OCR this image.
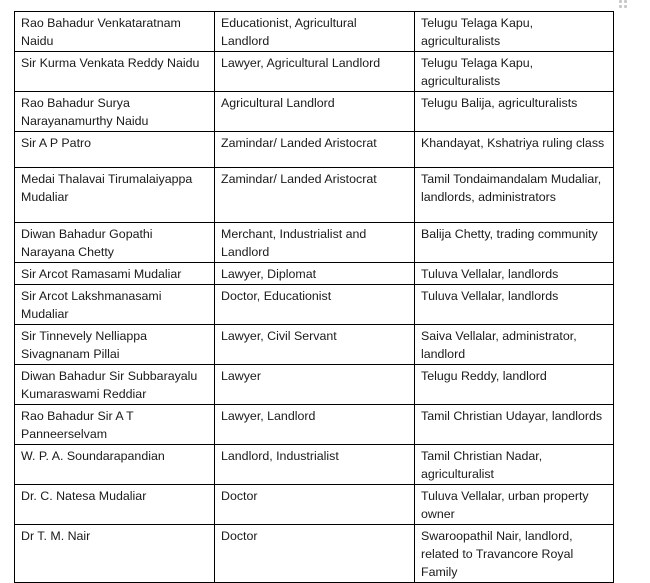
Rao Bahadur Venkataratnam Naidu	Educationist, Agricultural Landlord	Telugu Telaga Kapu, agriculturalists
Sir Kurma Venkata Reddy Naidu	Lawyer, Agricultural Landlord	Telugu Telaga Kapu, agriculturalists
Rao Bahadur Surya Narayanamurthy Naidu	Agricultural Landlord	Telugu Balija, agriculturalists
Sir A P Patro	Zamindar/ Landed Aristocrat	Khandayat, Kshatriya ruling class
Medai Thalavai Tirumalaiyappa Mudaliar	Zamindar/ Landed Aristocrat	Tamil Tondaimandalam Mudaliar, landlords, administrators
Diwan Bahadur Gopathi Narayana Chetty	Merchant, Industrialist and Landlord	Balija Chetty, trading community
Sir Arcot Ramasami Mudaliar	Lawyer, Diplomat	Tuluva Vellalar, landlords
Sir Arcot Lakshmanasami Mudaliar	Doctor, Educationist	Tuluva Vellalar, landlords
Sir Tinnevely Nelliappa Sivagnanam Pillai	Lawyer, Civil Servant	Saiva Vellalar, administrator, landlord
Diwan Bahadur Sir Subbarayalu Kumaraswami Reddiar	Lawyer	Telugu Reddy, landlord
Rao Bahadur Sir A T Panneerselvam	Lawyer, Landlord	Tamil Christian Udayar, landlords
W. P. A. Soundarapandian	Landlord, Industrialist	Tamil Christian Nadar, agriculturalist
Dr. C. Natesa Mudaliar	Doctor	Tuluva Vellalar, urban property owner
Dr T. M. Nair	Doctor	Swaroopathil Nair, landlord, related to Travancore Royal Family
